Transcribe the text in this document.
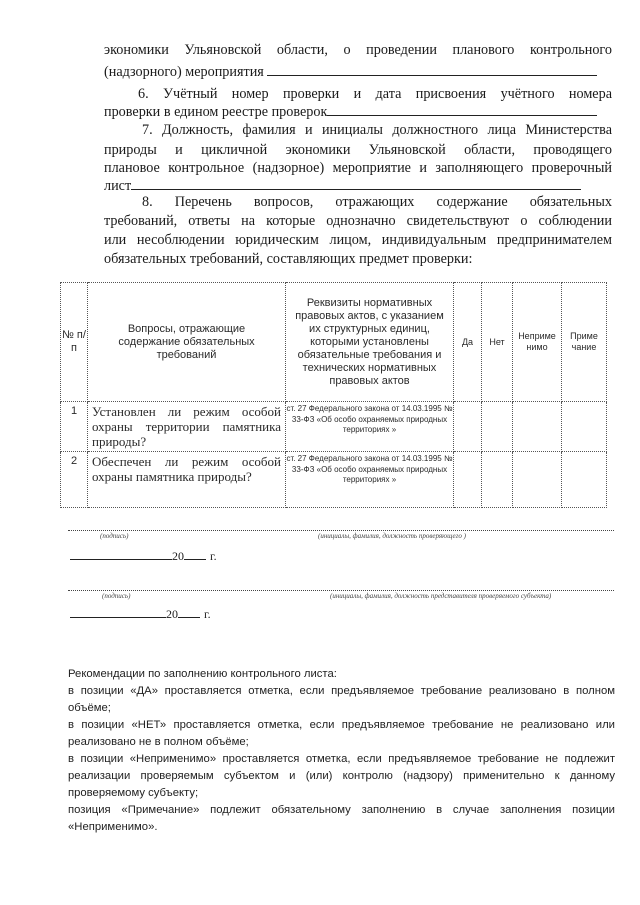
экономики Ульяновской области, о проведении планового контрольного
(надзорного) мероприятия
6. Учётный номер проверки и дата присвоения учётного номера
проверки в едином реестре проверок
7. Должность, фамилия и инициалы должностного лица Министерства
природы и цикличной экономики Ульяновской области, проводящего
плановое контрольное (надзорное) мероприятие и заполняющего проверочный
лист
8. Перечень вопросов, отражающих содержание обязательных
требований, ответы на которые однозначно свидетельствуют о соблюдении
или несоблюдении юридическим лицом, индивидуальным предпринимателем
обязательных требований, составляющих предмет проверки:
№ п/п	Вопросы, отражающие содержание обязательных требований	Реквизиты нормативных правовых актов, с указанием их структурных единиц, которыми установлены обязательные требования и технических нормативных правовых актов	Да	Нет	Неприме нимо	Приме чание
1	Установлен ли режим особой охраны территории памятника природы?	ст. 27 Федерального закона от 14.03.1995 № 33-ФЗ «Об особо охраняемых природных территориях »				
2	Обеспечен ли режим особой охраны памятника природы?	ст. 27 Федерального закона от 14.03.1995 № 33-ФЗ «Об особо охраняемых природных территориях »				
(подпись)	(инициалы, фамилия, должность проверяющего )
20 г.
(подпись)	(инициалы, фамилия, должность представителя проверяемого субъекта)
20 г.
Рекомендации по заполнению контрольного листа:
в позиции «ДА» проставляется отметка, если предъявляемое требование реализовано в полном
объёме;
в позиции «НЕТ» проставляется отметка, если предъявляемое требование не реализовано или
реализовано не в полном объёме;
в позиции «Неприменимо» проставляется отметка, если предъявляемое требование не подлежит
реализации проверяемым субъектом и (или) контролю (надзору) применительно к данному
проверяемому субъекту;
позиция «Примечание» подлежит обязательному заполнению в случае заполнения позиции
«Неприменимо».
